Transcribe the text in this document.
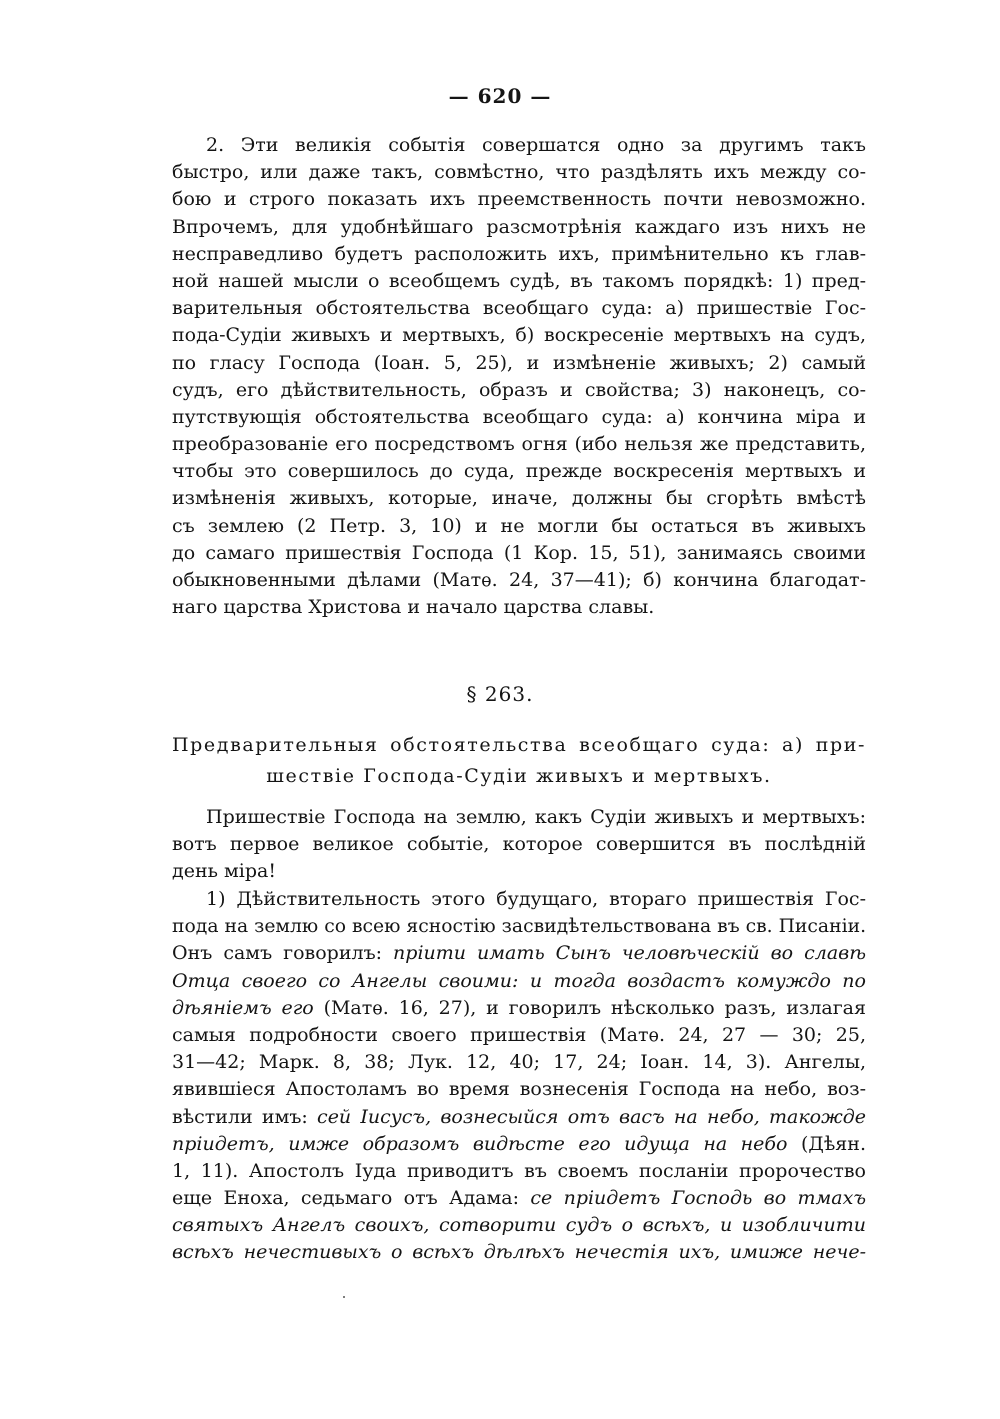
— 620 —
2. Эти великія событія совершатся одно за другимъ такъ
быстро, или даже такъ, совмѣстно, что раздѣлять ихъ между со-
бою и строго показать ихъ преемственность почти невозможно.
Впрочемъ, для удобнѣйшаго разсмотрѣнія каждаго изъ нихъ не
несправедливо будетъ расположить ихъ, примѣнительно къ глав-
ной нашей мысли о всеобщемъ судѣ, въ такомъ порядкѣ: 1) пред-
варительныя обстоятельства всеобщаго суда: а) пришествіе Гос-
пода-Судіи живыхъ и мертвыхъ, б) воскресеніе мертвыхъ на судъ,
по гласу Господа (Іоан. 5, 25), и измѣненіе живыхъ; 2) самый
судъ, его дѣйствительность, образъ и свойства; 3) наконецъ, со-
путствующія обстоятельства всеобщаго суда: а) кончина міра и
преобразованіе его посредствомъ огня (ибо нельзя же представить,
чтобы это совершилось до суда, прежде воскресенія мертвыхъ и
измѣненія живыхъ, которые, иначе, должны бы сгорѣть вмѣстѣ
съ землею (2 Петр. 3, 10) и не могли бы остаться въ живыхъ
до самаго пришествія Господа (1 Кор. 15, 51), занимаясь своими
обыкновенными дѣлами (Матѳ. 24, 37—41); б) кончина благодат-
наго царства Христова и начало царства славы.
§ 263.
Предварительныя обстоятельства всеобщаго суда: а) при-
шествіе Господа-Судіи живыхъ и мертвыхъ.
Пришествіе Господа на землю, какъ Судіи живыхъ и мертвыхъ:
вотъ первое великое событіе, которое совершится въ послѣдній
день міра!
1) Дѣйствительность этого будущаго, втораго пришествія Гос-
пода на землю со всею ясностію засвидѣтельствована въ св. Писаніи.
Онъ самъ говорилъ: пріити имать Сынъ человѣческій во славѣ
Отца своего со Ангелы своими: и тогда воздастъ комуждо по
дѣяніемъ его (Матѳ. 16, 27), и говорилъ нѣсколько разъ, излагая
самыя подробности своего пришествія (Матѳ. 24, 27 — 30; 25,
31—42; Марк. 8, 38; Лук. 12, 40; 17, 24; Іоан. 14, 3). Ангелы,
явившіеся Апостоламъ во время вознесенія Господа на небо, воз-
вѣстили имъ: сей Іисусъ, вознесыйся отъ васъ на небо, такожде
пріидетъ, имже образомъ видѣсте его идуща на небо (Дѣян.
1, 11). Апостолъ Іуда приводитъ въ своемъ посланіи пророчество
еще Еноха, седьмаго отъ Адама: се пріидетъ Господь во тмахъ
святыхъ Ангелъ своихъ, сотворити судъ о всѣхъ, и изобличити
всѣхъ нечестивыхъ о всѣхъ дѣлѣхъ нечестія ихъ, имиже нече-
